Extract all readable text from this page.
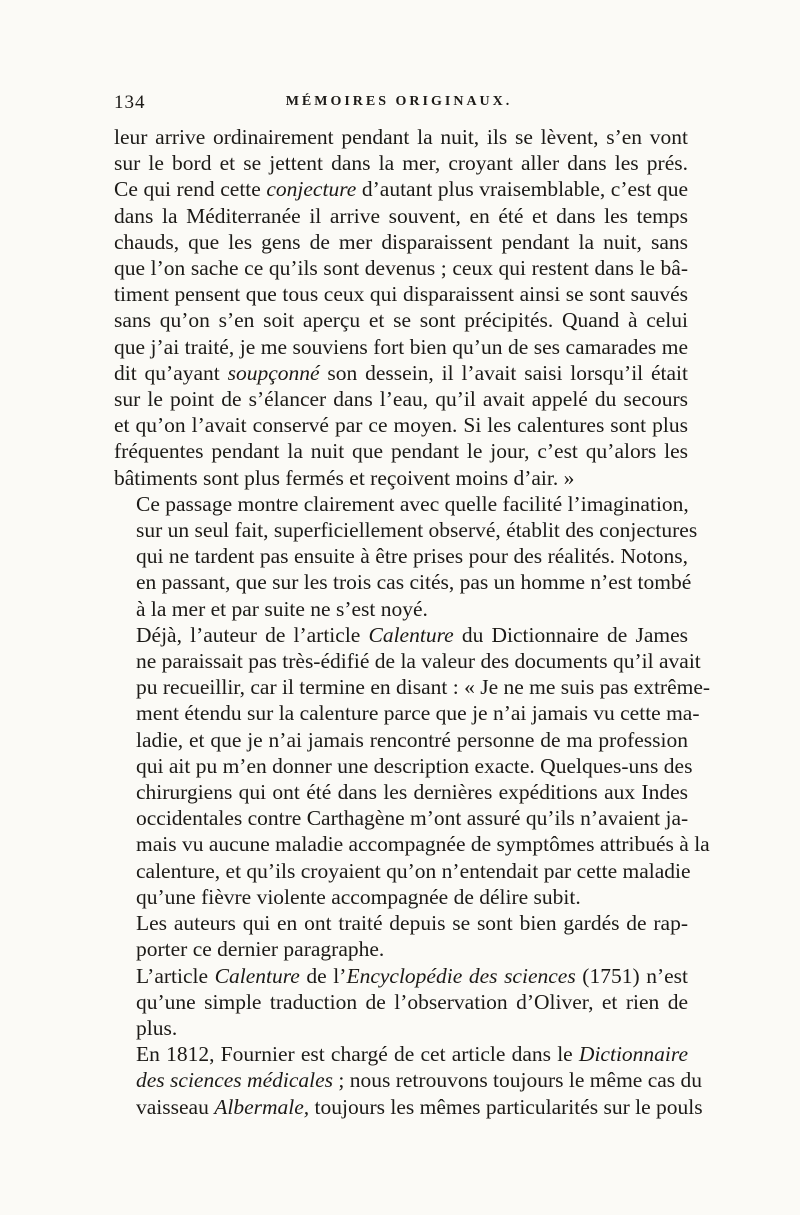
134	MÉMOIRES ORIGINAUX.

leur arrive ordinairement pendant la nuit, ils se lèvent, s’en vont
sur le bord et se jettent dans la mer, croyant aller dans les prés.
Ce qui rend cette conjecture d’autant plus vraisemblable, c’est que
dans la Méditerranée il arrive souvent, en été et dans les temps
chauds, que les gens de mer disparaissent pendant la nuit, sans
que l’on sache ce qu’ils sont devenus ; ceux qui restent dans le bâ-
timent pensent que tous ceux qui disparaissent ainsi se sont sauvés
sans qu’on s’en soit aperçu et se sont précipités. Quand à celui
que j’ai traité, je me souviens fort bien qu’un de ses camarades me
dit qu’ayant soupçonné son dessein, il l’avait saisi lorsqu’il était
sur le point de s’élancer dans l’eau, qu’il avait appelé du secours
et qu’on l’avait conservé par ce moyen. Si les calentures sont plus
fréquentes pendant la nuit que pendant le jour, c’est qu’alors les
bâtiments sont plus fermés et reçoivent moins d’air. »

Ce passage montre clairement avec quelle facilité l’imagination,
sur un seul fait, superficiellement observé, établit des conjectures
qui ne tardent pas ensuite à être prises pour des réalités. Notons,
en passant, que sur les trois cas cités, pas un homme n’est tombé
à la mer et par suite ne s’est noyé.

Déjà, l’auteur de l’article Calenture du Dictionnaire de James
ne paraissait pas très-édifié de la valeur des documents qu’il avait
pu recueillir, car il termine en disant : « Je ne me suis pas extrême-
ment étendu sur la calenture parce que je n’ai jamais vu cette ma-
ladie, et que je n’ai jamais rencontré personne de ma profession
qui ait pu m’en donner une description exacte. Quelques-uns des
chirurgiens qui ont été dans les dernières expéditions aux Indes
occidentales contre Carthagène m’ont assuré qu’ils n’avaient ja-
mais vu aucune maladie accompagnée de symptômes attribués à la
calenture, et qu’ils croyaient qu’on n’entendait par cette maladie
qu’une fièvre violente accompagnée de délire subit.

Les auteurs qui en ont traité depuis se sont bien gardés de rap-
porter ce dernier paragraphe.

L’article Calenture de l’Encyclopédie des sciences (1751) n’est
qu’une simple traduction de l’observation d’Oliver, et rien de
plus.

En 1812, Fournier est chargé de cet article dans le Dictionnaire
des sciences médicales ; nous retrouvons toujours le même cas du
vaisseau Albermale, toujours les mêmes particularités sur le pouls
